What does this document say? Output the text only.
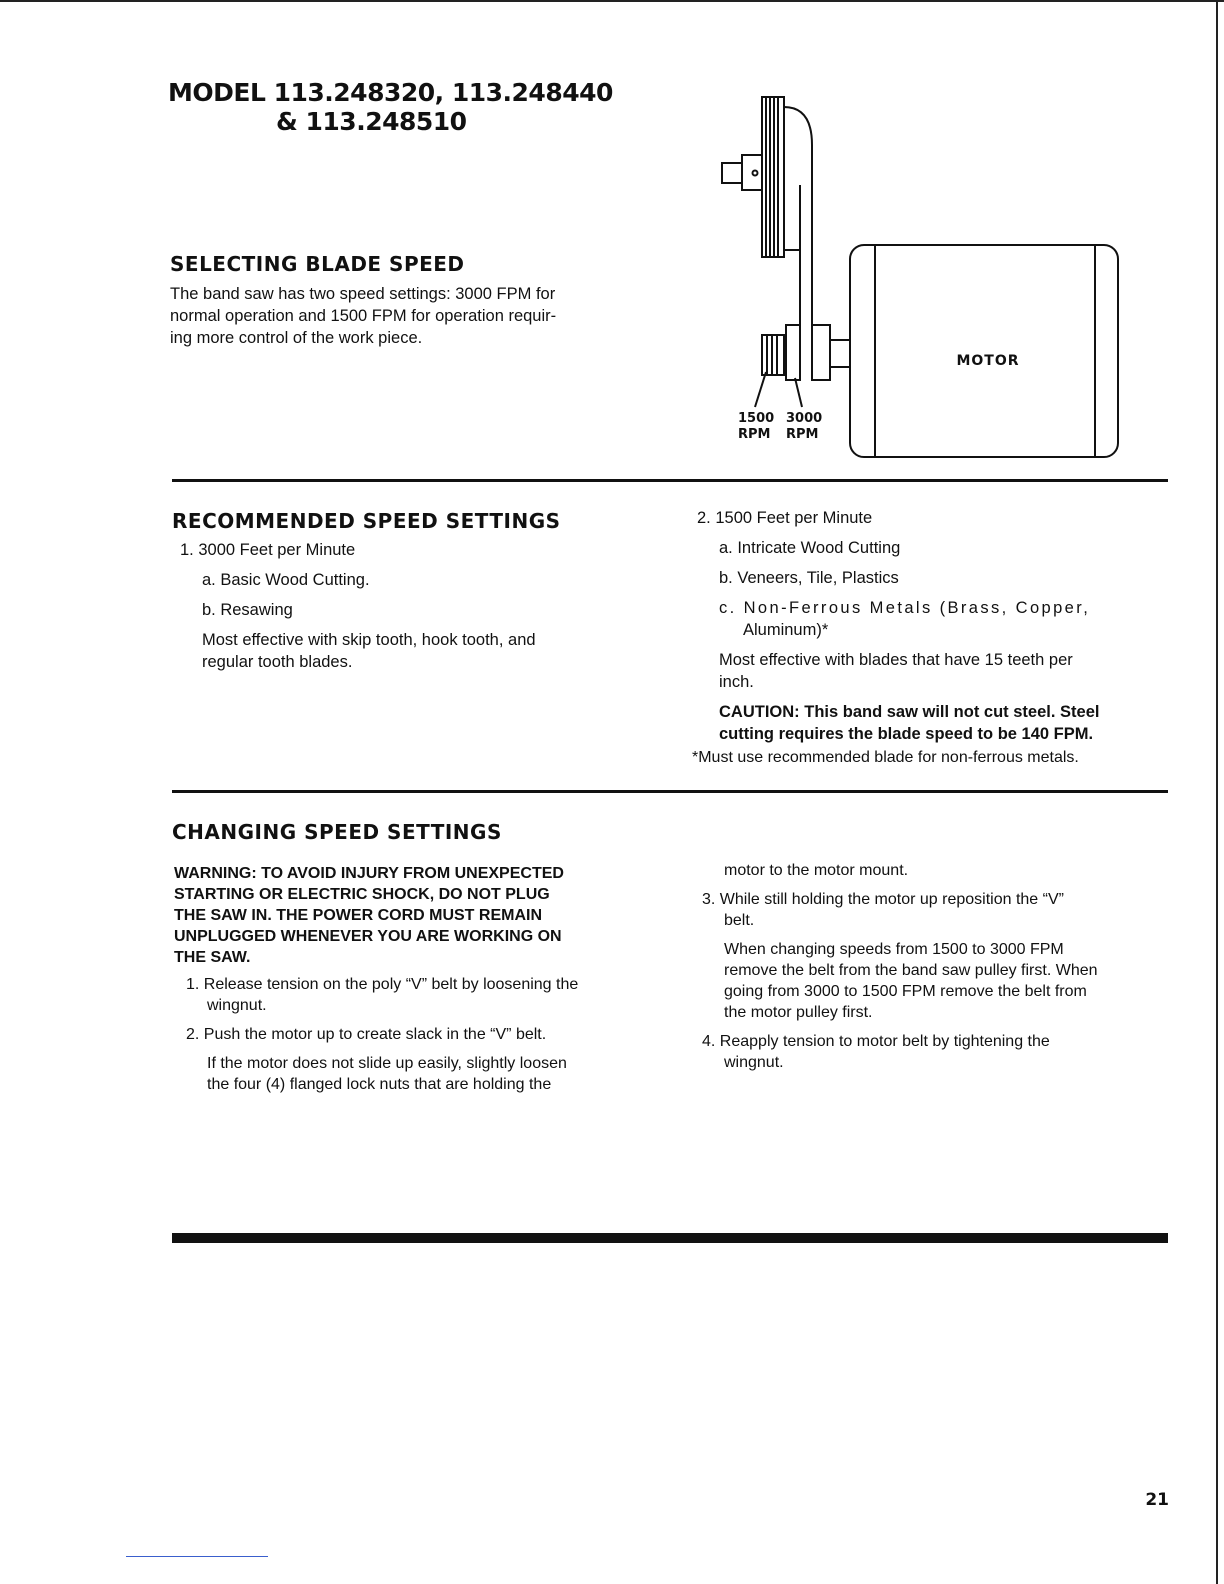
MODEL 113.248320, 113.248440
& 113.248510
SELECTING BLADE SPEED
The band saw has two speed settings: 3000 FPM for
normal operation and 1500 FPM for operation requir-
ing more control of the work piece.
MOTOR
1500
RPM
3000
RPM
RECOMMENDED SPEED SETTINGS
1. 3000 Feet per Minute
a. Basic Wood Cutting.
b. Resawing
Most effective with skip tooth, hook tooth, and
regular tooth blades.
2. 1500 Feet per Minute
a. Intricate Wood Cutting
b. Veneers, Tile, Plastics
c. Non-Ferrous Metals (Brass, Copper,
Aluminum)*
Most effective with blades that have 15 teeth per
inch.
CAUTION: This band saw will not cut steel. Steel
cutting requires the blade speed to be 140 FPM.
*Must use recommended blade for non-ferrous metals.
CHANGING SPEED SETTINGS
WARNING: TO AVOID INJURY FROM UNEXPECTED
STARTING OR ELECTRIC SHOCK, DO NOT PLUG
THE SAW IN. THE POWER CORD MUST REMAIN
UNPLUGGED WHENEVER YOU ARE WORKING ON
THE SAW.
1. Release tension on the poly “V” belt by loosening the
wingnut.
2. Push the motor up to create slack in the “V” belt.
If the motor does not slide up easily, slightly loosen
the four (4) flanged lock nuts that are holding the
motor to the motor mount.
3. While still holding the motor up reposition the “V”
belt.
When changing speeds from 1500 to 3000 FPM
remove the belt from the band saw pulley first. When
going from 3000 to 1500 FPM remove the belt from
the motor pulley first.
4. Reapply tension to motor belt by tightening the
wingnut.
21
